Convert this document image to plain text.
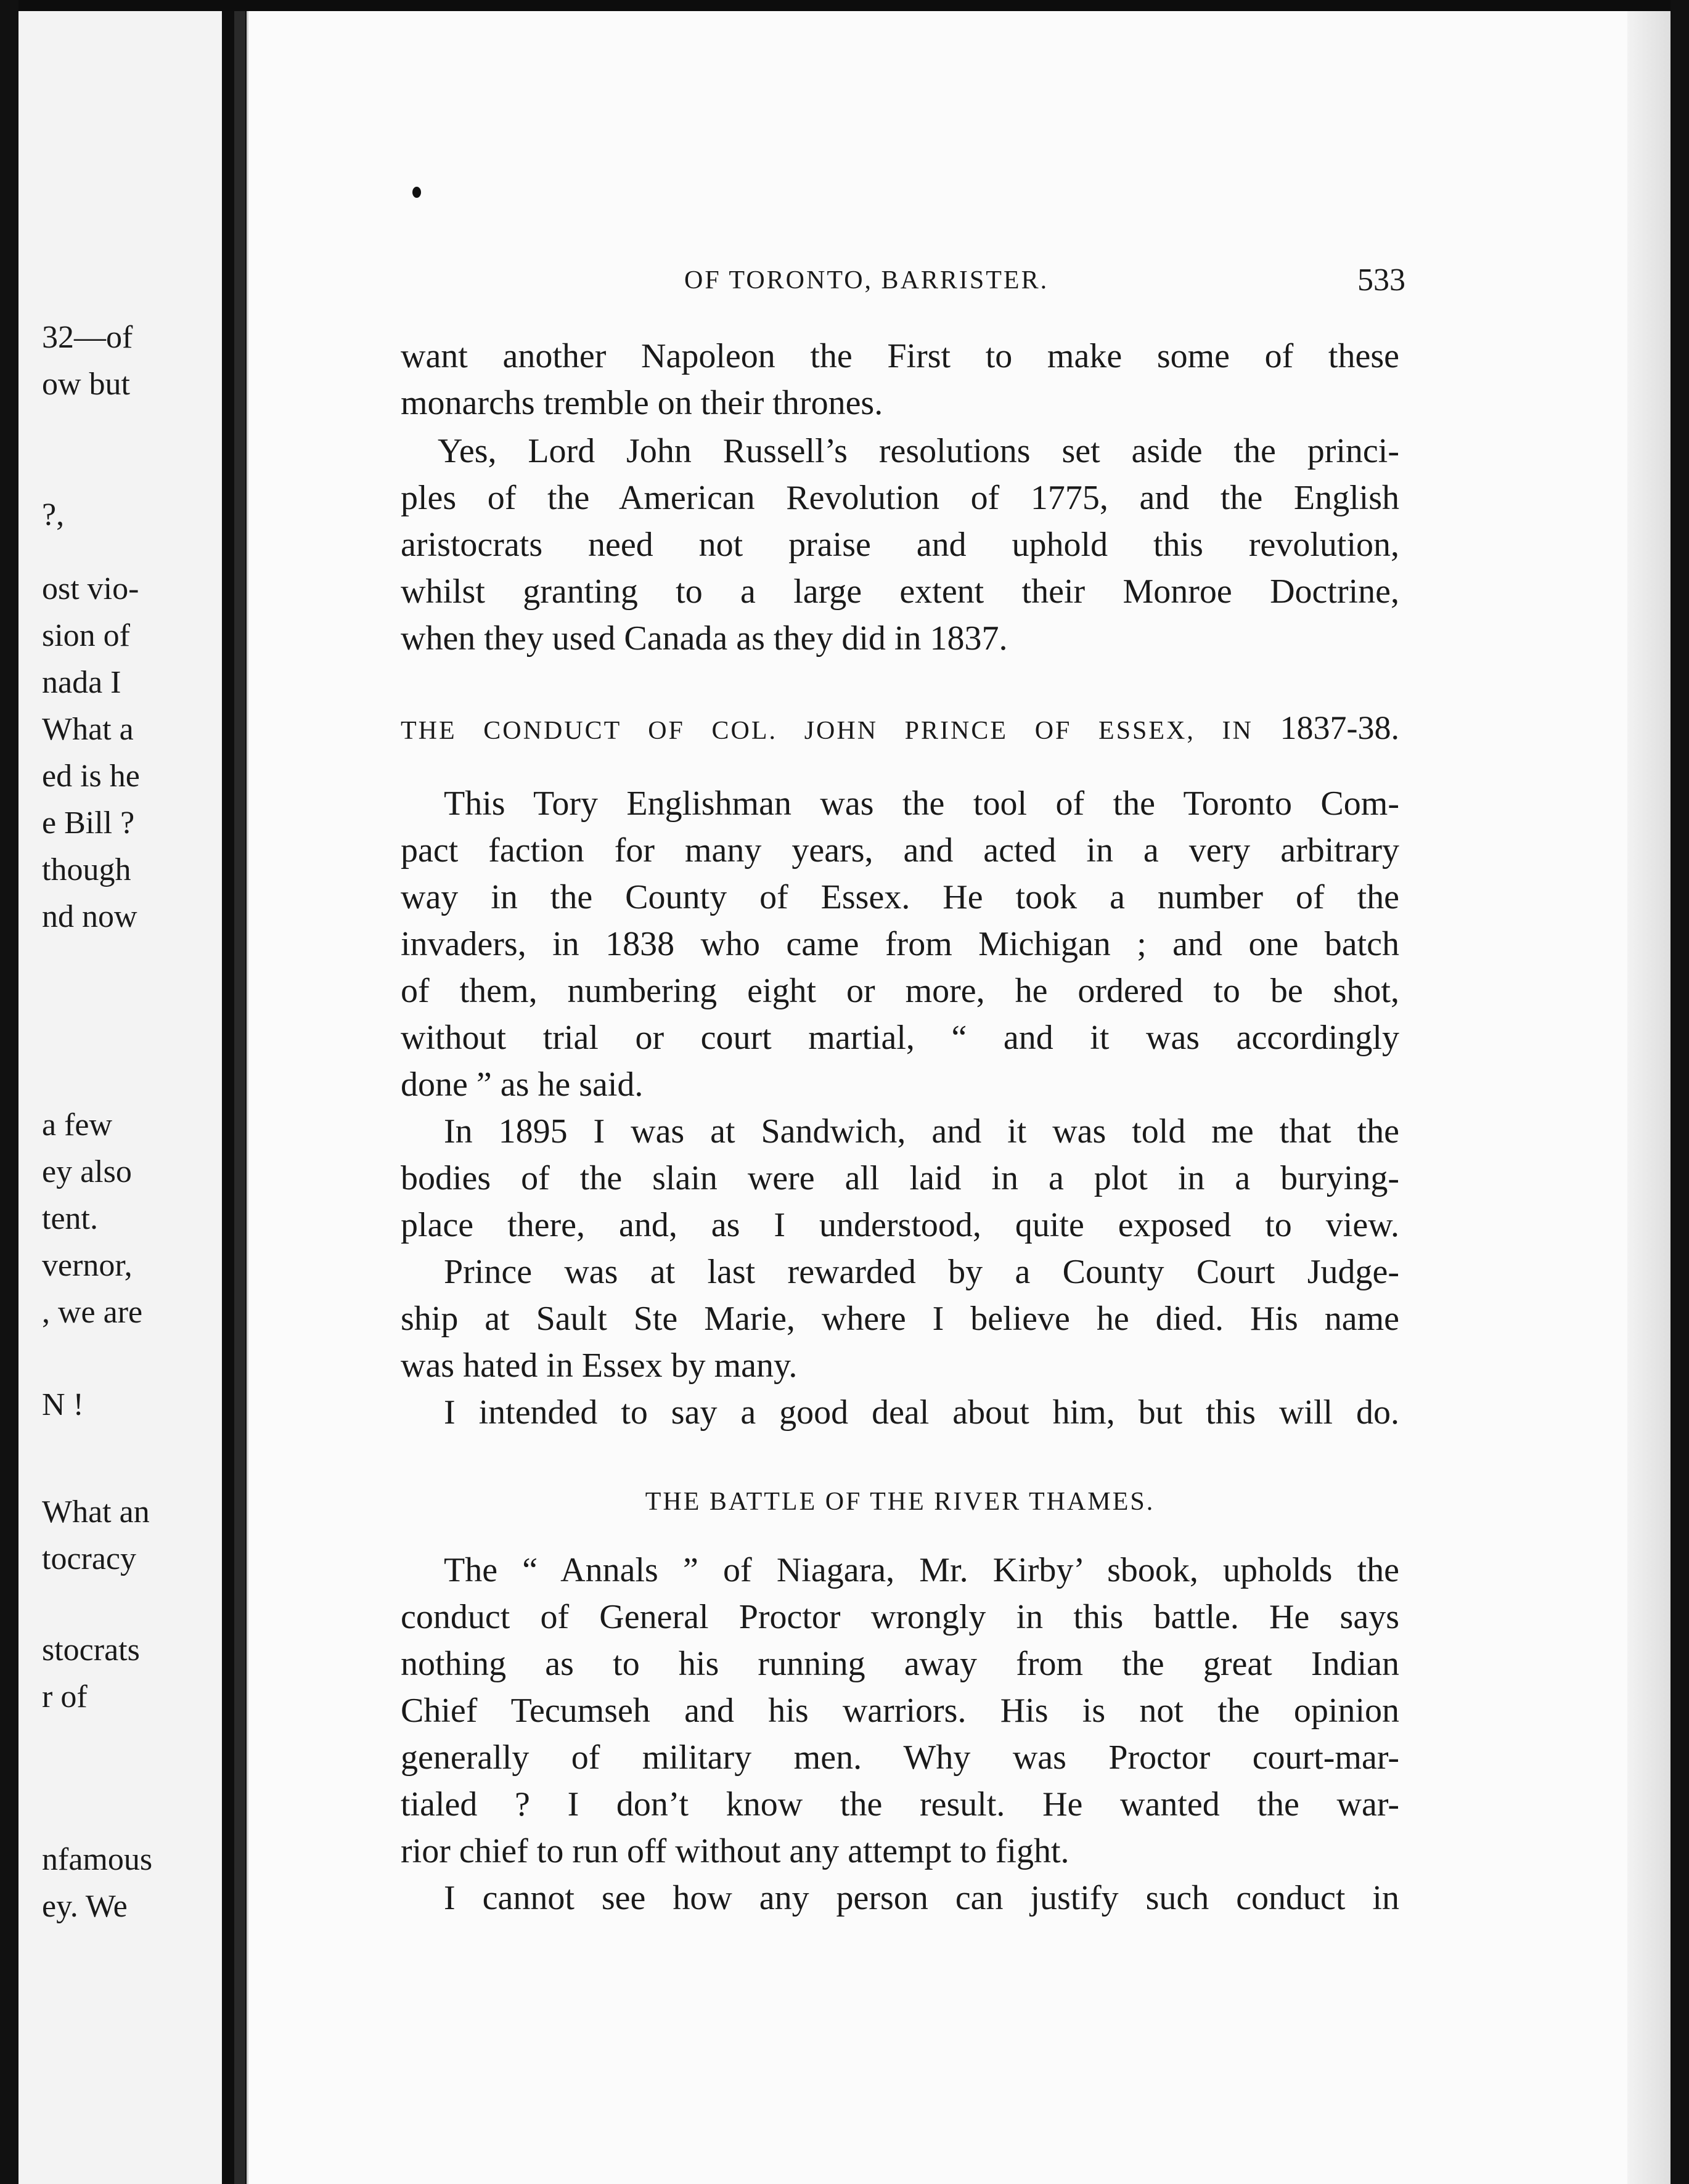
32—of
ow but
?,
ost vio-
sion of
nada I
What a
ed is he
e Bill ?
though
nd now
a few
ey also
tent.
vernor,
, we are
N !
What an
tocracy
stocrats
r of
nfamous
ey. We
OF TORONTO, BARRISTER.	533
want another Napoleon the First to make some of these
monarchs tremble on their thrones.
Yes, Lord John Russell’s resolutions set aside the princi-
ples of the American Revolution of 1775, and the English
aristocrats need not praise and uphold this revolution,
whilst granting to a large extent their Monroe Doctrine,
when they used Canada as they did in 1837.
THE CONDUCT OF COL. JOHN PRINCE OF ESSEX, IN 1837-38.
This Tory Englishman was the tool of the Toronto Com-
pact faction for many years, and acted in a very arbitrary
way in the County of Essex. He took a number of the
invaders, in 1838 who came from Michigan ; and one batch
of them, numbering eight or more, he ordered to be shot,
without trial or court martial, “ and it was accordingly
done ” as he said.
In 1895 I was at Sandwich, and it was told me that the
bodies of the slain were all laid in a plot in a burying-
place there, and, as I understood, quite exposed to view.
Prince was at last rewarded by a County Court Judge-
ship at Sault Ste Marie, where I believe he died. His name
was hated in Essex by many.
I intended to say a good deal about him, but this will do.
THE BATTLE OF THE RIVER THAMES.
The “ Annals ” of Niagara, Mr. Kirby’ sbook, upholds the
conduct of General Proctor wrongly in this battle. He says
nothing as to his running away from the great Indian
Chief Tecumseh and his warriors. His is not the opinion
generally of military men. Why was Proctor court-mar-
tialed ? I don’t know the result. He wanted the war-
rior chief to run off without any attempt to fight.
I cannot see how any person can justify such conduct in
